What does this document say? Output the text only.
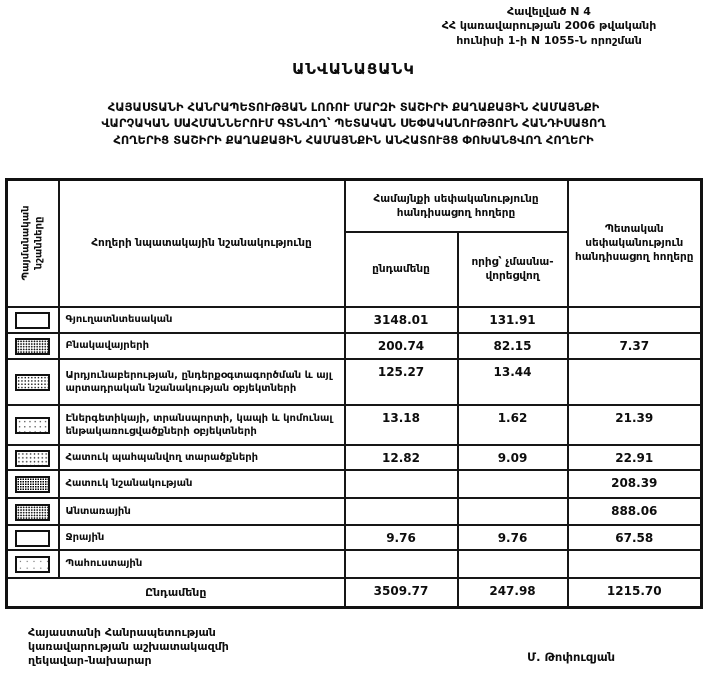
Հավելված N 4
ՀՀ կառավարության 2006 թվականի
հունիսի 1-ի N 1055-Ն որոշման
ԱՆՎԱՆԱՑԱՆԿ
ՀԱՅԱՍՏԱՆԻ ՀԱՆՐԱՊԵՏՈՒԹՅԱՆ ԼՈՌՈՒ ՄԱՐԶԻ ՏԱՇԻՐԻ ՔԱՂԱՔԱՅԻՆ ՀԱՄԱՅՆՔԻ
ՎԱՐՉԱԿԱՆ ՍԱՀՄԱՆՆԵՐՈՒՄ ԳՏՆՎՈՂ՝ ՊԵՏԱԿԱՆ ՍԵՓԱԿԱՆՈՒԹՅՈՒՆ ՀԱՆԴԻՍԱՑՈՂ
ՀՈՂԵՐԻՑ ՏԱՇԻՐԻ ՔԱՂԱՔԱՅԻՆ ՀԱՄԱՅՆՔԻՆ ԱՆՀԱՏՈՒՅՑ ՓՈԽԱՆՑՎՈՂ ՀՈՂԵՐԻ
Պայմանական նշանները	Հողերի նպատակային նշանակությունը	Համայնքի սեփականությունը հանդիսացող հողերը		Պետական սեփականություն հանդիսացող հողերը
		ընդամենը	որից՝ չմասնավորեցվող	
	Գյուղատնտեսական	3148.01	131.91	
	Բնակավայրերի	200.74	82.15	7.37
	Արդյունաբերության, ընդերքօգտագործման և այլ արտադրական նշանակության օբյեկտների	125.27	13.44	
	Էներգետիկայի, տրանսպորտի, կապի և կոմունալ ենթակառուցվածքների օբյեկտների	13.18	1.62	21.39
	Հատուկ պահպանվող տարածքների	12.82	9.09	22.91
	Հատուկ նշանակության			208.39
	Անտառային			888.06
	Ջրային	9.76	9.76	67.58
	Պահուստային			
Ընդամենը		3509.77	247.98	1215.70
Հայաստանի Հանրապետության
կառավարության աշխատակազմի
ղեկավար-նախարար	Մ. Թոփուզյան
